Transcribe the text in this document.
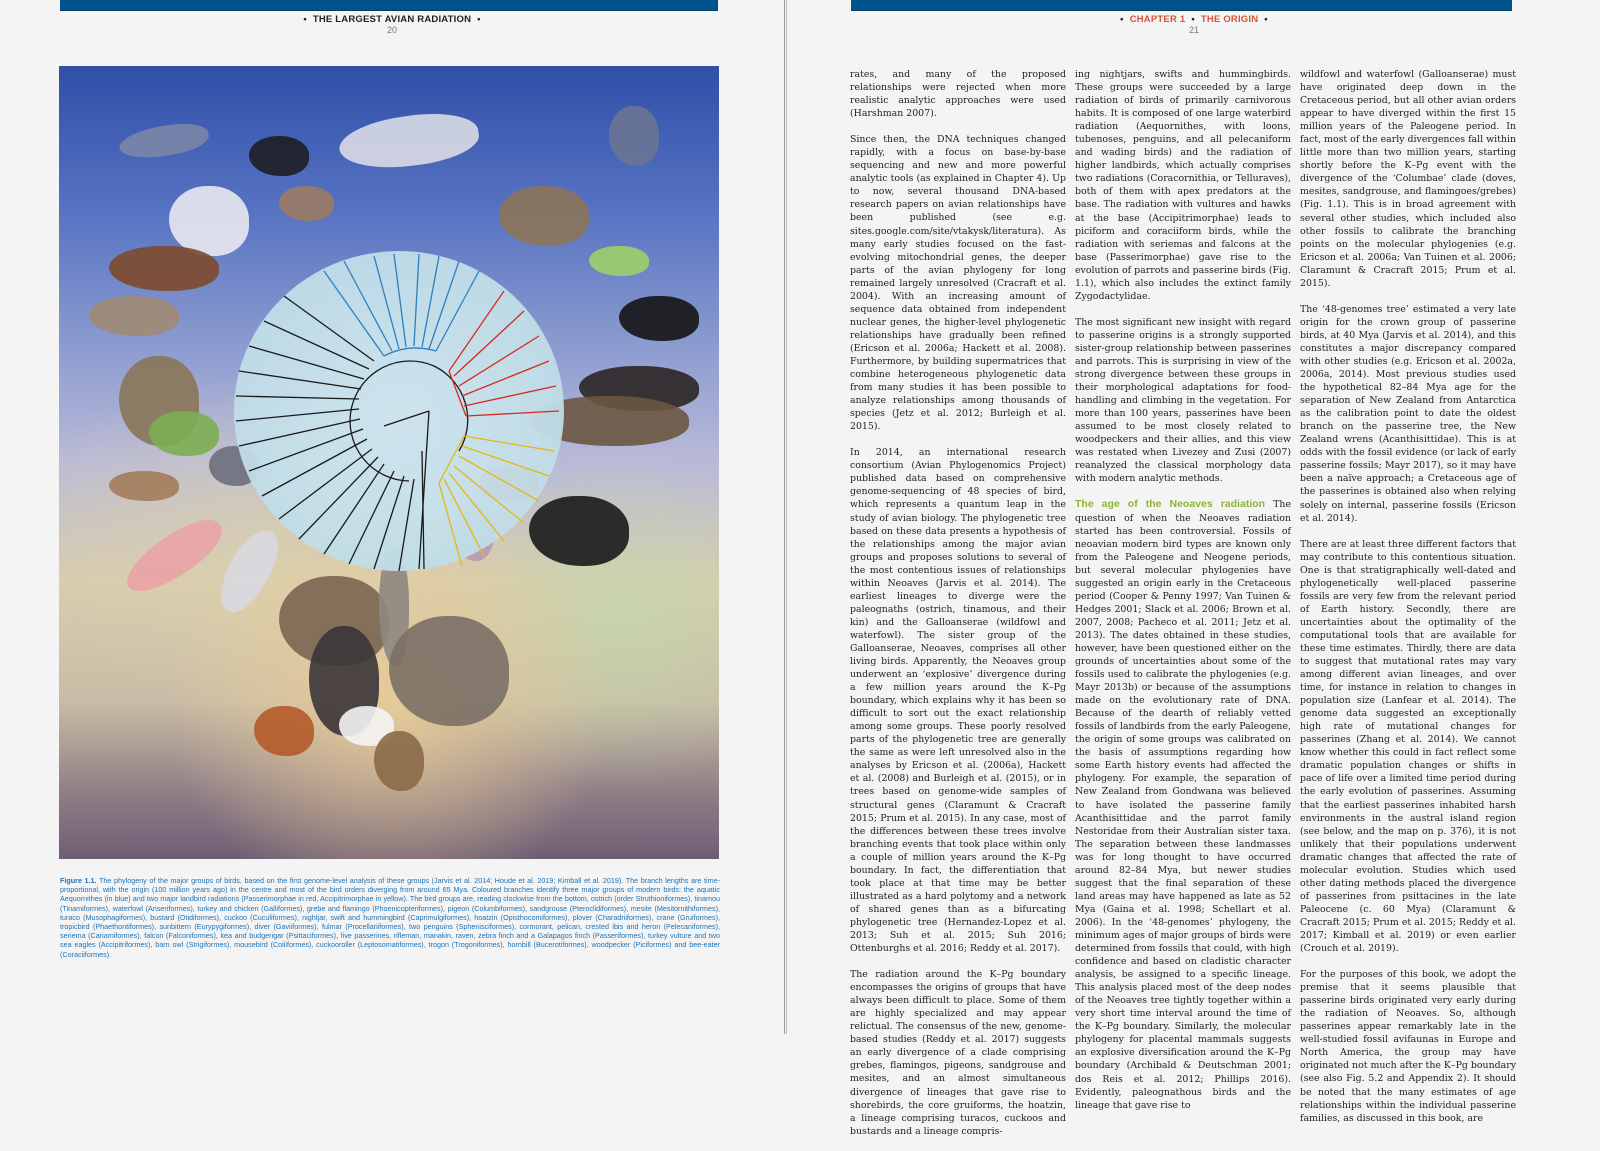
• THE LARGEST AVIAN RADIATION •
20
Figure 1.1. The phylogeny of the major groups of birds, based on the first genome-level analysis of these groups (Jarvis et al. 2014; Houde et al. 2019; Kimball et al. 2019). The branch lengths are time-proportional, with the origin (100 million years ago) in the centre and most of the bird orders diverging from around 65 Mya. Coloured branches identify three major groups of modern birds: the aquatic Aequornithes (in blue) and two major landbird radiations (Passerimorphae in red, Accipitrimorphae in yellow). The bird groups are, reading clockwise from the bottom, ostrich (order Struthioniformes), tinamou (Tinamiformes), waterfowl (Anseriformes), turkey and chicken (Galliformes), grebe and flamingo (Phoenicopteriformes), pigeon (Columbiformes), sandgrouse (Pteroclidiformes), mesite (Mesitornithiformes), turaco (Musophagiformes), bustard (Otidiformes), cuckoo (Cuculiformes), nightjar, swift and hummingbird (Caprimulgiformes), hoatzin (Opisthocomiformes), plover (Charadriiformes), crane (Gruiformes), tropicbird (Phaethontiformes), sunbittern (Eurypygiformes), diver (Gaviiformes), fulmar (Procellariiformes), two penguins (Sphenisciformes), cormorant, pelican, crested ibis and heron (Pelecaniformes), seriema (Cariamiformes), falcon (Falconiformes), kea and budgerigar (Psittaciformes), five passerines, rifleman, manakin, raven, zebra finch and a Galapagos finch (Passeriformes), turkey vulture and two sea eagles (Accipitriformes), barn owl (Strigiformes), mousebird (Coliiformes), cuckooroller (Leptosomatiformes), trogon (Trogoniformes), hornbill (Bucerotiformes), woodpecker (Piciformes) and bee-eater (Coraciiformes).
• CHAPTER 1 • THE ORIGIN •
21

rates, and many of the proposed relationships were rejected when more realistic analytic approaches were used (Harshman 2007).

Since then, the DNA techniques changed rapidly, with a focus on base-by-base sequencing and new and more powerful analytic tools (as explained in Chapter 4). Up to now, several thousand DNA-based research papers on avian relationships have been published (see e.g. sites.google.com/site/vtakysk/literatura). As many early studies focused on the fast-evolving mitochondrial genes, the deeper parts of the avian phylogeny for long remained largely unresolved (Cracraft et al. 2004). With an increasing amount of sequence data obtained from independent nuclear genes, the higher-level phylogenetic relationships have gradually been refined (Ericson et al. 2006a; Hackett et al. 2008). Furthermore, by building supermatrices that combine heterogeneous phylogenetic data from many studies it has been possible to analyze relationships among thousands of species (Jetz et al. 2012; Burleigh et al. 2015).

In 2014, an international research consortium (Avian Phylogenomics Project) published data based on comprehensive genome-sequencing of 48 species of bird, which represents a quantum leap in the study of avian biology. The phylogenetic tree based on these data presents a hypothesis of the relationships among the major avian groups and proposes solutions to several of the most contentious issues of relationships within Neoaves (Jarvis et al. 2014). The earliest lineages to diverge were the paleognaths (ostrich, tinamous, and their kin) and the Galloanserae (wildfowl and waterfowl). The sister group of the Galloanserae, Neoaves, comprises all other living birds. Apparently, the Neoaves group underwent an ‘explosive’ divergence during a few million years around the K–Pg boundary, which explains why it has been so difficult to sort out the exact relationship among some groups. These poorly resolved parts of the phylogenetic tree are generally the same as were left unresolved also in the analyses by Ericson et al. (2006a), Hackett et al. (2008) and Burleigh et al. (2015), or in trees based on genome-wide samples of structural genes (Claramunt & Cracraft 2015; Prum et al. 2015). In any case, most of the differences between these trees involve branching events that took place within only a couple of million years around the K–Pg boundary. In fact, the differentiation that took place at that time may be better illustrated as a hard polytomy and a network of shared genes than as a bifurcating phylogenetic tree (Hernandez-Lopez et al. 2013; Suh et al. 2015; Suh 2016; Ottenburghs et al. 2016; Reddy et al. 2017).

The radiation around the K–Pg boundary encompasses the origins of groups that have always been difficult to place. Some of them are highly specialized and may appear relictual. The consensus of the new, genome-based studies (Reddy et al. 2017) suggests an early divergence of a clade comprising grebes, flamingos, pigeons, sandgrouse and mesites, and an almost simultaneous divergence of lineages that gave rise to shorebirds, the core gruiforms, the hoatzin, a lineage comprising turacos, cuckoos and bustards and a lineage compris-

ing nightjars, swifts and hummingbirds. These groups were succeeded by a large radiation of birds of primarily carnivorous habits. It is composed of one large waterbird radiation (Aequornithes, with loons, tubenoses, penguins, and all pelecaniform and wading birds) and the radiation of higher landbirds, which actually comprises two radiations (Coracornithia, or Telluraves), both of them with apex predators at the base. The radiation with vultures and hawks at the base (Accipitrimorphae) leads to piciform and coraciiform birds, while the radiation with seriemas and falcons at the base (Passerimorphae) gave rise to the evolution of parrots and passerine birds (Fig. 1.1), which also includes the extinct family Zygodactylidae.

The most significant new insight with regard to passerine origins is a strongly supported sister-group relationship between passerines and parrots. This is surprising in view of the strong divergence between these groups in their morphological adaptations for food-handling and climbing in the vegetation. For more than 100 years, passerines have been assumed to be most closely related to woodpeckers and their allies, and this view was restated when Livezey and Zusi (2007) reanalyzed the classical morphology data with modern analytic methods.

The age of the Neoaves radiation The question of when the Neoaves radiation started has been controversial. Fossils of neoavian modern bird types are known only from the Paleogene and Neogene periods, but several molecular phylogenies have suggested an origin early in the Cretaceous period (Cooper & Penny 1997; Van Tuinen & Hedges 2001; Slack et al. 2006; Brown et al. 2007, 2008; Pacheco et al. 2011; Jetz et al. 2013). The dates obtained in these studies, however, have been questioned either on the grounds of uncertainties about some of the fossils used to calibrate the phylogenies (e.g. Mayr 2013b) or because of the assumptions made on the evolutionary rate of DNA. Because of the dearth of reliably vetted fossils of landbirds from the early Paleogene, the origin of some groups was calibrated on the basis of assumptions regarding how some Earth history events had affected the phylogeny. For example, the separation of New Zealand from Gondwana was believed to have isolated the passerine family Acanthisittidae and the parrot family Nestoridae from their Australian sister taxa. The separation between these landmasses was for long thought to have occurred around 82–84 Mya, but newer studies suggest that the final separation of these land areas may have happened as late as 52 Mya (Gaina et al. 1998; Schellart et al. 2006). In the ‘48-genomes’ phylogeny, the minimum ages of major groups of birds were determined from fossils that could, with high confidence and based on cladistic character analysis, be assigned to a specific lineage. This analysis placed most of the deep nodes of the Neoaves tree tightly together within a very short time interval around the time of the K–Pg boundary. Similarly, the molecular phylogeny for placental mammals suggests an explosive diversification around the K–Pg boundary (Archibald & Deutschman 2001; dos Reis et al. 2012; Phillips 2016). Evidently, paleognathous birds and the lineage that gave rise to

wildfowl and waterfowl (Galloanserae) must have originated deep down in the Cretaceous period, but all other avian orders appear to have diverged within the first 15 million years of the Paleogene period. In fact, most of the early divergences fall within little more than two million years, starting shortly before the K–Pg event with the divergence of the ‘Columbae’ clade (doves, mesites, sandgrouse, and flamingoes/grebes) (Fig. 1.1). This is in broad agreement with several other studies, which included also other fossils to calibrate the branching points on the molecular phylogenies (e.g. Ericson et al. 2006a; Van Tuinen et al. 2006; Claramunt & Cracraft 2015; Prum et al. 2015).

The ‘48-genomes tree’ estimated a very late origin for the crown group of passerine birds, at 40 Mya (Jarvis et al. 2014), and this constitutes a major discrepancy compared with other studies (e.g. Ericson et al. 2002a, 2006a, 2014). Most previous studies used the hypothetical 82–84 Mya age for the separation of New Zealand from Antarctica as the calibration point to date the oldest branch on the passerine tree, the New Zealand wrens (Acanthisittidae). This is at odds with the fossil evidence (or lack of early passerine fossils; Mayr 2017), so it may have been a naïve approach; a Cretaceous age of the passerines is obtained also when relying solely on internal, passerine fossils (Ericson et al. 2014).

There are at least three different factors that may contribute to this contentious situation. One is that stratigraphically well-dated and phylogenetically well-placed passerine fossils are very few from the relevant period of Earth history. Secondly, there are uncertainties about the optimality of the computational tools that are available for these time estimates. Thirdly, there are data to suggest that mutational rates may vary among different avian lineages, and over time, for instance in relation to changes in population size (Lanfear et al. 2014). The genome data suggested an exceptionally high rate of mutational changes for passerines (Zhang et al. 2014). We cannot know whether this could in fact reflect some dramatic population changes or shifts in pace of life over a limited time period during the early evolution of passerines. Assuming that the earliest passerines inhabited harsh environments in the austral island region (see below, and the map on p. 376), it is not unlikely that their populations underwent dramatic changes that affected the rate of molecular evolution. Studies which used other dating methods placed the divergence of passerines from psittacines in the late Paleocene (c. 60 Mya) (Claramunt & Cracraft 2015; Prum et al. 2015; Reddy et al. 2017; Kimball et al. 2019) or even earlier (Crouch et al. 2019).

For the purposes of this book, we adopt the premise that it seems plausible that passerine birds originated very early during the radiation of Neoaves. So, although passerines appear remarkably late in the well-studied fossil avifaunas in Europe and North America, the group may have originated not much after the K–Pg boundary (see also Fig. 5.2 and Appendix 2). It should be noted that the many estimates of age relationships within the individual passerine families, as discussed in this book, are
